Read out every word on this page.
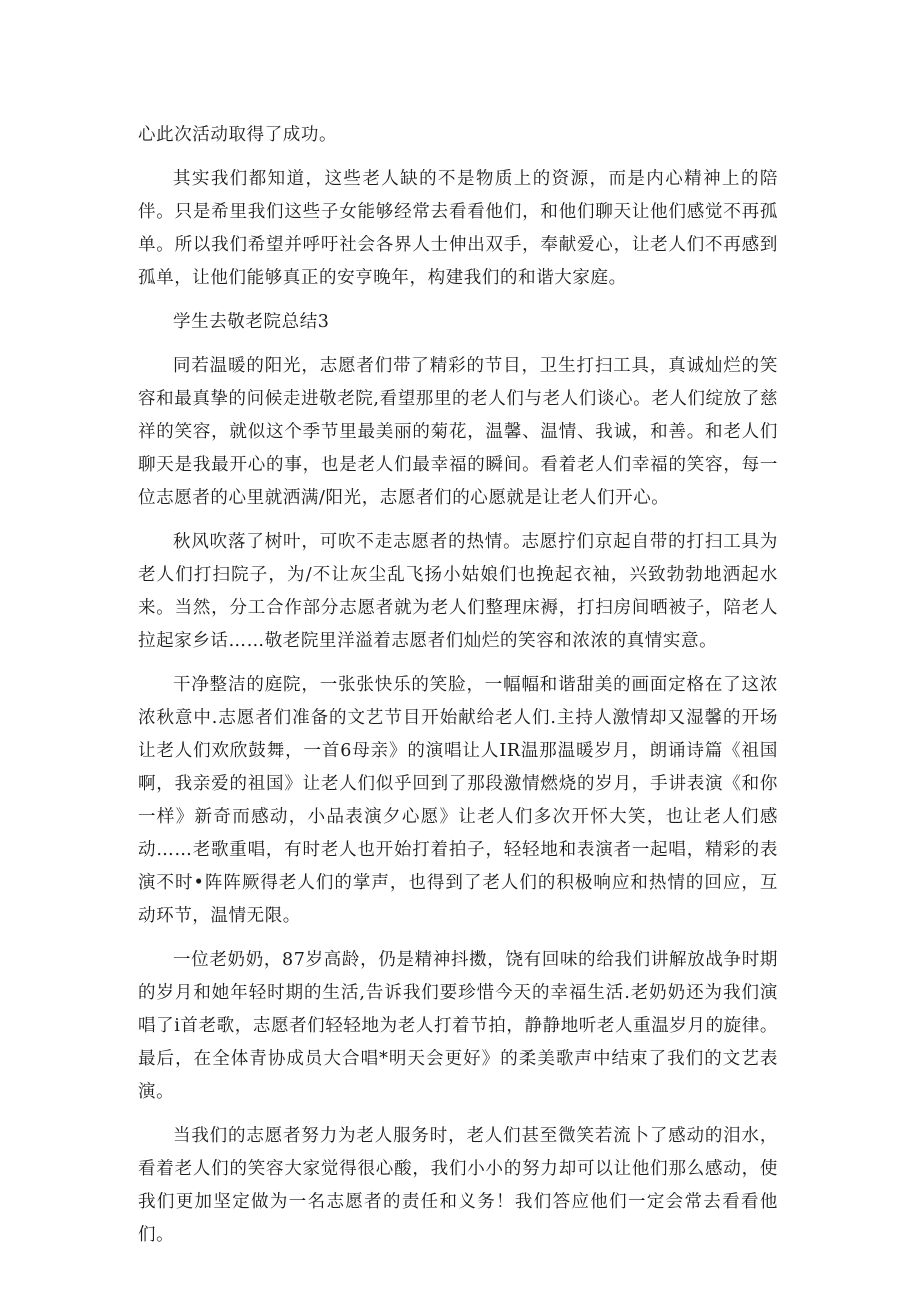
心此次活动取得了成功。

其实我们都知道，这些老人缺的不是物质上的资源，而是内心精神上的陪伴。只是希里我们这些子女能够经常去看看他们，和他们聊天让他们感觉不再孤单。所以我们希望并呼吁社会各界人士伸出双手，奉献爱心，让老人们不再感到孤单，让他们能够真正的安亨晚年，构建我们的和谐大家庭。

学生去敬老院总结3

同若温暖的阳光，志愿者们带了精彩的节目，卫生打扫工具，真诚灿烂的笑容和最真挚的问候走进敬老院,看望那里的老人们与老人们谈心。老人们绽放了慈祥的笑容，就似这个季节里最美丽的菊花，温馨、温情、我诚，和善。和老人们聊天是我最开心的事，也是老人们最幸福的瞬间。看着老人们幸福的笑容，每一位志愿者的心里就洒满/阳光，志愿者们的心愿就是让老人们开心。

秋风吹落了树叶，可吹不走志愿者的热情。志愿拧们京起自带的打扫工具为老人们打扫院子，为/不让灰尘乱飞扬小姑娘们也挽起衣袖，兴致勃勃地洒起水来。当然，分工合作部分志愿者就为老人们整理床褥，打扫房间晒被子，陪老人拉起家乡话……敬老院里洋溢着志愿者们灿烂的笑容和浓浓的真情实意。

干净整洁的庭院，一张张快乐的笑脸，一幅幅和谐甜美的画面定格在了这浓浓秋意中.志愿者们准备的文艺节目开始献给老人们.主持人激情却又湿馨的开场让老人们欢欣鼓舞，一首6母亲》的演唱让人IR温那温暖岁月，朗诵诗篇《祖国啊，我亲爱的祖国》让老人们似乎回到了那段激情燃烧的岁月，手讲表演《和你一样》新奇而感动，小品表演夕心愿》让老人们多次开怀大笑，也让老人们感动……老歌重唱，有时老人也开始打着拍子，轻轻地和表演者一起唱，精彩的表演不时•阵阵厥得老人们的掌声，也得到了老人们的积极响应和热情的回应，互动环节，温情无限。

一位老奶奶，87岁高龄，仍是精神抖擞，饶有回味的给我们讲解放战争时期的岁月和她年轻时期的生活,告诉我们要珍惜今天的幸福生活.老奶奶还为我们演唱了i首老歌，志愿者们轻轻地为老人打着节拍，静静地听老人重温岁月的旋律。最后，在全体青协成员大合唱*明天会更好》的柔美歌声中结束了我们的文艺表演。

当我们的志愿者努力为老人服务时，老人们甚至微笑若流卜了感动的泪水，看着老人们的笑容大家觉得很心酸，我们小小的努力却可以让他们那么感动，使我们更加坚定做为一名志愿者的责任和义务！我们答应他们一定会常去看看他们。
